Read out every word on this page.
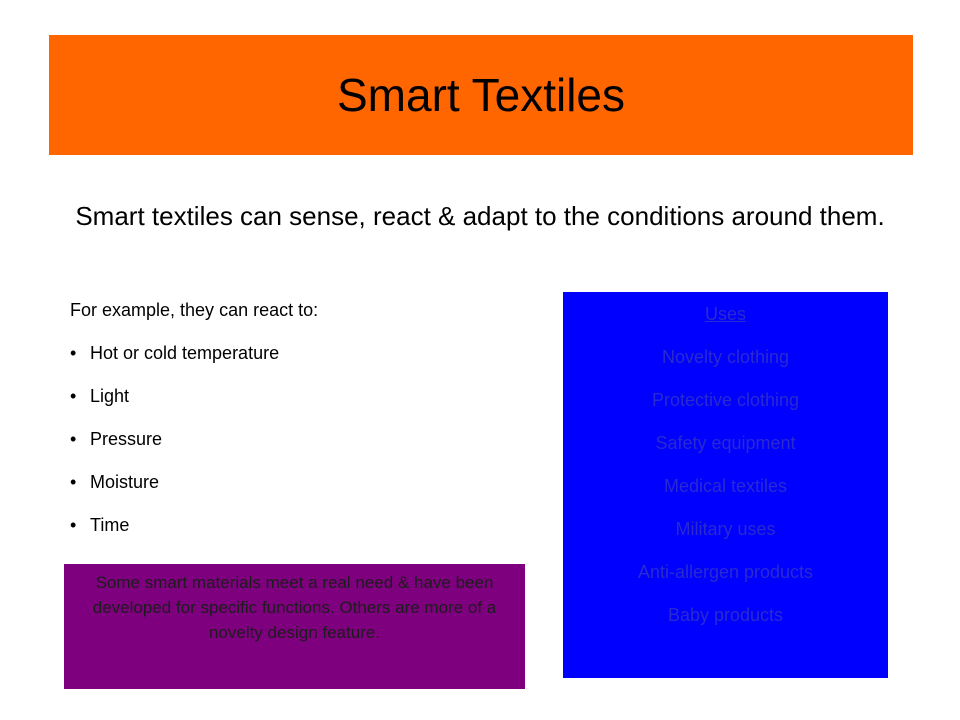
Smart Textiles
Smart textiles can sense, react & adapt to the conditions around them.

For example, they can react to:

• Hot or cold temperature
• Light
• Pressure
• Moisture
• Time
Uses
Novelty clothing
Protective clothing
Safety equipment
Medical textiles
Military uses
Anti-allergen products
Baby products
Some smart materials meet a real need & have been developed for specific functions. Others are more of a novelty design feature.
